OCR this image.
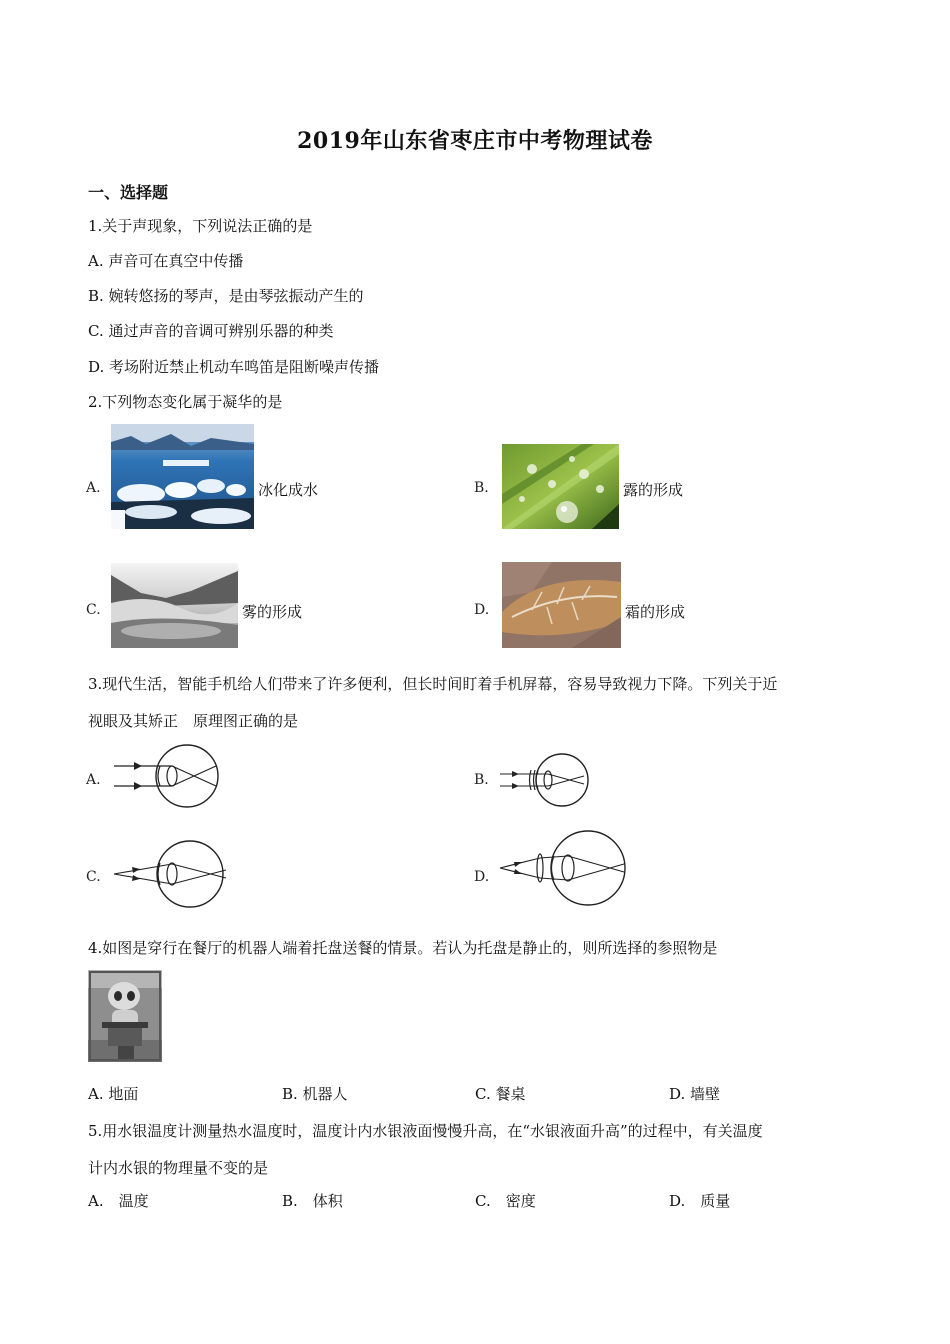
2019年山东省枣庄市中考物理试卷
一、选择题
1.关于声现象，下列说法正确的是
A. 声音可在真空中传播
B. 婉转悠扬的琴声，是由琴弦振动产生的
C. 通过声音的音调可辨别乐器的种类
D. 考场附近禁止机动车鸣笛是阻断噪声传播
2.下列物态变化属于凝华的是
A.	冰化成水	B.	露的形成
C.	雾的形成	D.	霜的形成
3.现代生活，智能手机给人们带来了许多便利，但长时间盯着手机屏幕，容易导致视力下降。下列关于近
视眼及其矫正　原理图正确的是
A.	B.
C.	D.
4.如图是穿行在餐厅的机器人端着托盘送餐的情景。若认为托盘是静止的，则所选择的参照物是
A. 地面	B. 机器人	C. 餐桌	D. 墙壁
5.用水银温度计测量热水温度时，温度计内水银液面慢慢升高，在“水银液面升高”的过程中，有关温度
计内水银的物理量不变的是
A.　温度	B.　体积	C.　密度	D.　质量
